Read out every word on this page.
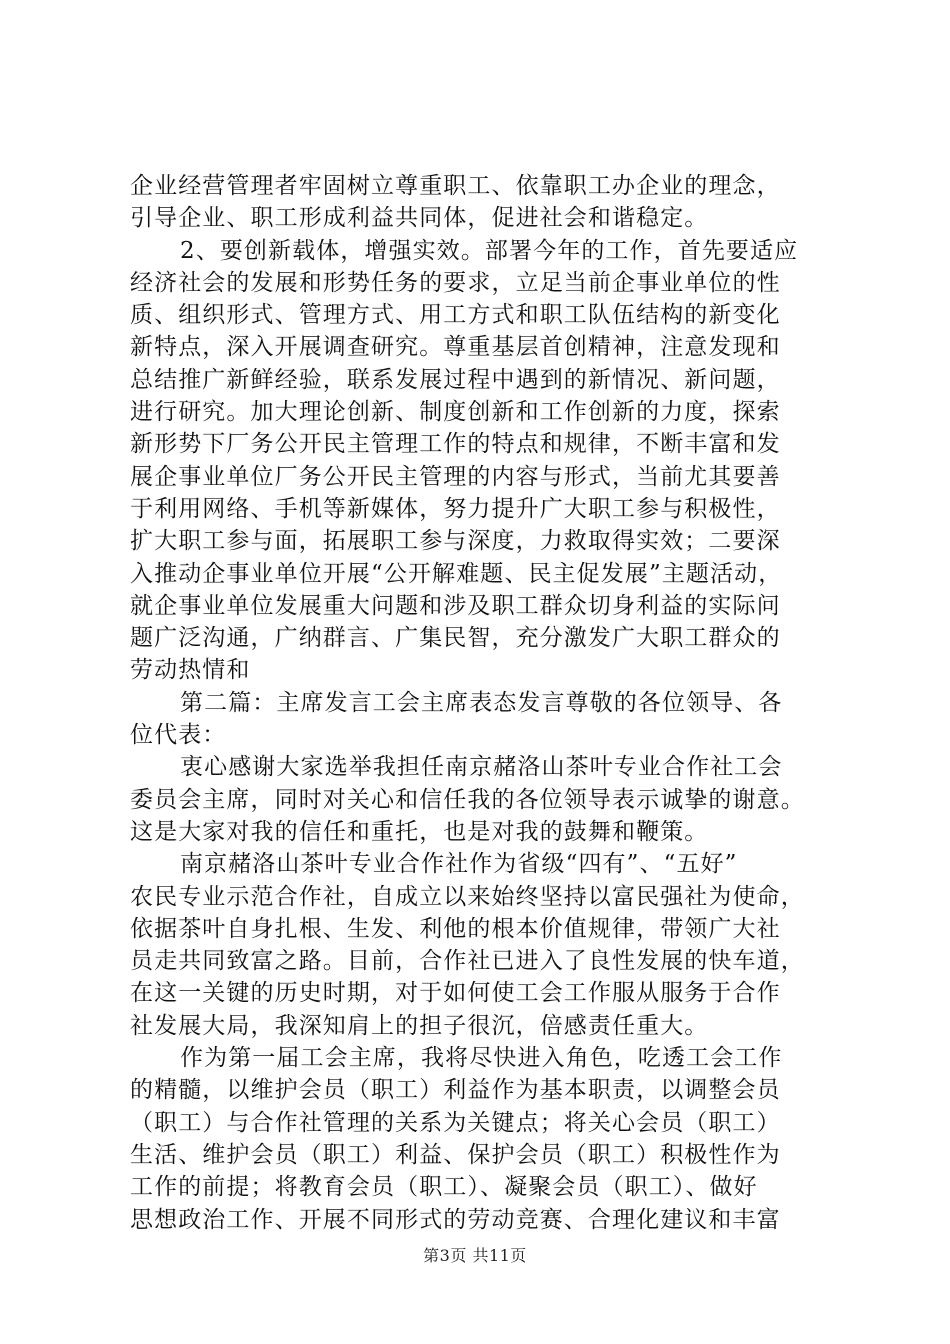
企业经营管理者牢固树立尊重职工、依靠职工办企业的理念，
引导企业、职工形成利益共同体，促进社会和谐稳定。
2、要创新载体，增强实效。部署今年的工作，首先要适应
经济社会的发展和形势任务的要求，立足当前企事业单位的性
质、组织形式、管理方式、用工方式和职工队伍结构的新变化
新特点，深入开展调查研究。尊重基层首创精神，注意发现和
总结推广新鲜经验，联系发展过程中遇到的新情况、新问题，
进行研究。加大理论创新、制度创新和工作创新的力度，探索
新形势下厂务公开民主管理工作的特点和规律，不断丰富和发
展企事业单位厂务公开民主管理的内容与形式，当前尤其要善
于利用网络、手机等新媒体，努力提升广大职工参与积极性，
扩大职工参与面，拓展职工参与深度，力救取得实效；二要深
入推动企事业单位开展“公开解难题、民主促发展”主题活动，
就企事业单位发展重大问题和涉及职工群众切身利益的实际问
题广泛沟通，广纳群言、广集民智，充分激发广大职工群众的
劳动热情和
第二篇：主席发言工会主席表态发言尊敬的各位领导、各
位代表：
衷心感谢大家选举我担任南京赭洛山茶叶专业合作社工会
委员会主席，同时对关心和信任我的各位领导表示诚挚的谢意。
这是大家对我的信任和重托，也是对我的鼓舞和鞭策。
南京赭洛山茶叶专业合作社作为省级“四有”、“五好”
农民专业示范合作社，自成立以来始终坚持以富民强社为使命，
依据茶叶自身扎根、生发、利他的根本价值规律，带领广大社
员走共同致富之路。目前，合作社已进入了良性发展的快车道，
在这一关键的历史时期，对于如何使工会工作服从服务于合作
社发展大局，我深知肩上的担子很沉，倍感责任重大。
作为第一届工会主席，我将尽快进入角色，吃透工会工作
的精髓，以维护会员（职工）利益作为基本职责，以调整会员
（职工）与合作社管理的关系为关键点；将关心会员（职工）
生活、维护会员（职工）利益、保护会员（职工）积极性作为
工作的前提；将教育会员（职工）、凝聚会员（职工）、做好
思想政治工作、开展不同形式的劳动竞赛、合理化建议和丰富
第3页 共11页
